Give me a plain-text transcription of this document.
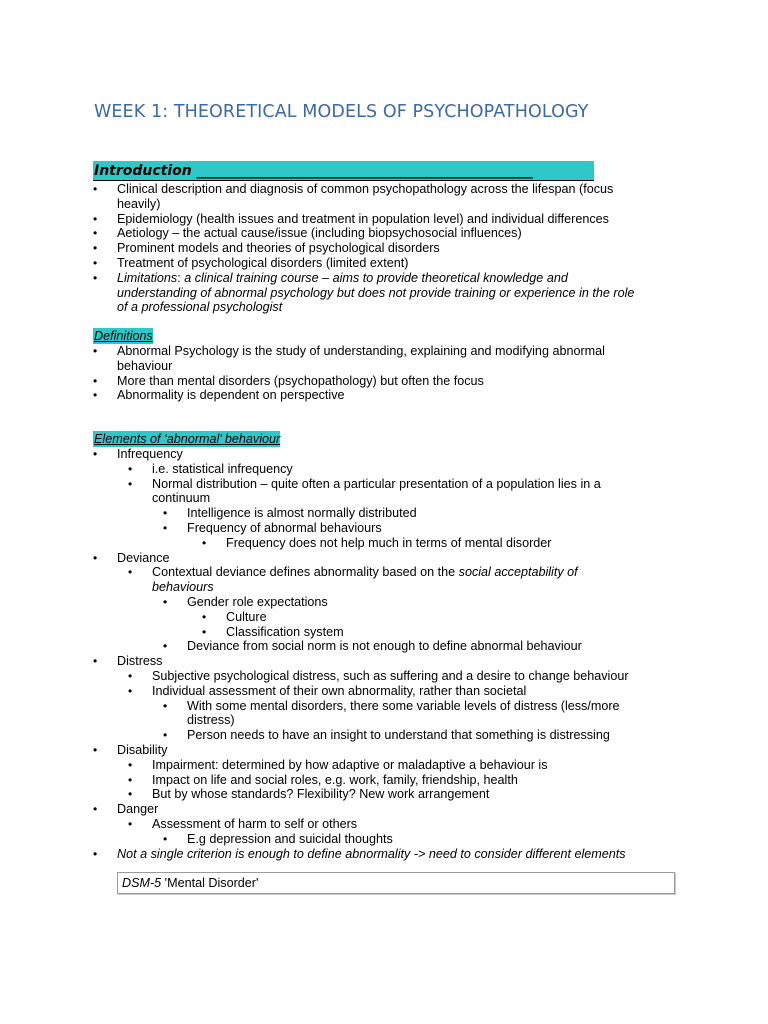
WEEK 1: THEORETICAL MODELS OF PSYCHOPATHOLOGY
Introduction ________________________________________________
• Clinical description and diagnosis of common psychopathology across the lifespan (focus
heavily)
• Epidemiology (health issues and treatment in population level) and individual differences
• Aetiology – the actual cause/issue (including biopsychosocial influences)
• Prominent models and theories of psychological disorders
• Treatment of psychological disorders (limited extent)
• Limitations: a clinical training course – aims to provide theoretical knowledge and
understanding of abnormal psychology but does not provide training or experience in the role
of a professional psychologist
Definitions
• Abnormal Psychology is the study of understanding, explaining and modifying abnormal
behaviour
• More than mental disorders (psychopathology) but often the focus
• Abnormality is dependent on perspective
Elements of ‘abnormal’ behaviour
• Infrequency
• i.e. statistical infrequency
• Normal distribution – quite often a particular presentation of a population lies in a
continuum
• Intelligence is almost normally distributed
• Frequency of abnormal behaviours
• Frequency does not help much in terms of mental disorder
• Deviance
• Contextual deviance defines abnormality based on the social acceptability of
behaviours
• Gender role expectations
• Culture
• Classification system
• Deviance from social norm is not enough to define abnormal behaviour
• Distress
• Subjective psychological distress, such as suffering and a desire to change behaviour
• Individual assessment of their own abnormality, rather than societal
• With some mental disorders, there some variable levels of distress (less/more
distress)
• Person needs to have an insight to understand that something is distressing
• Disability
• Impairment: determined by how adaptive or maladaptive a behaviour is
• Impact on life and social roles, e.g. work, family, friendship, health
• But by whose standards? Flexibility? New work arrangement
• Danger
• Assessment of harm to self or others
• E.g depression and suicidal thoughts
• Not a single criterion is enough to define abnormality -> need to consider different elements
DSM-5 'Mental Disorder'
